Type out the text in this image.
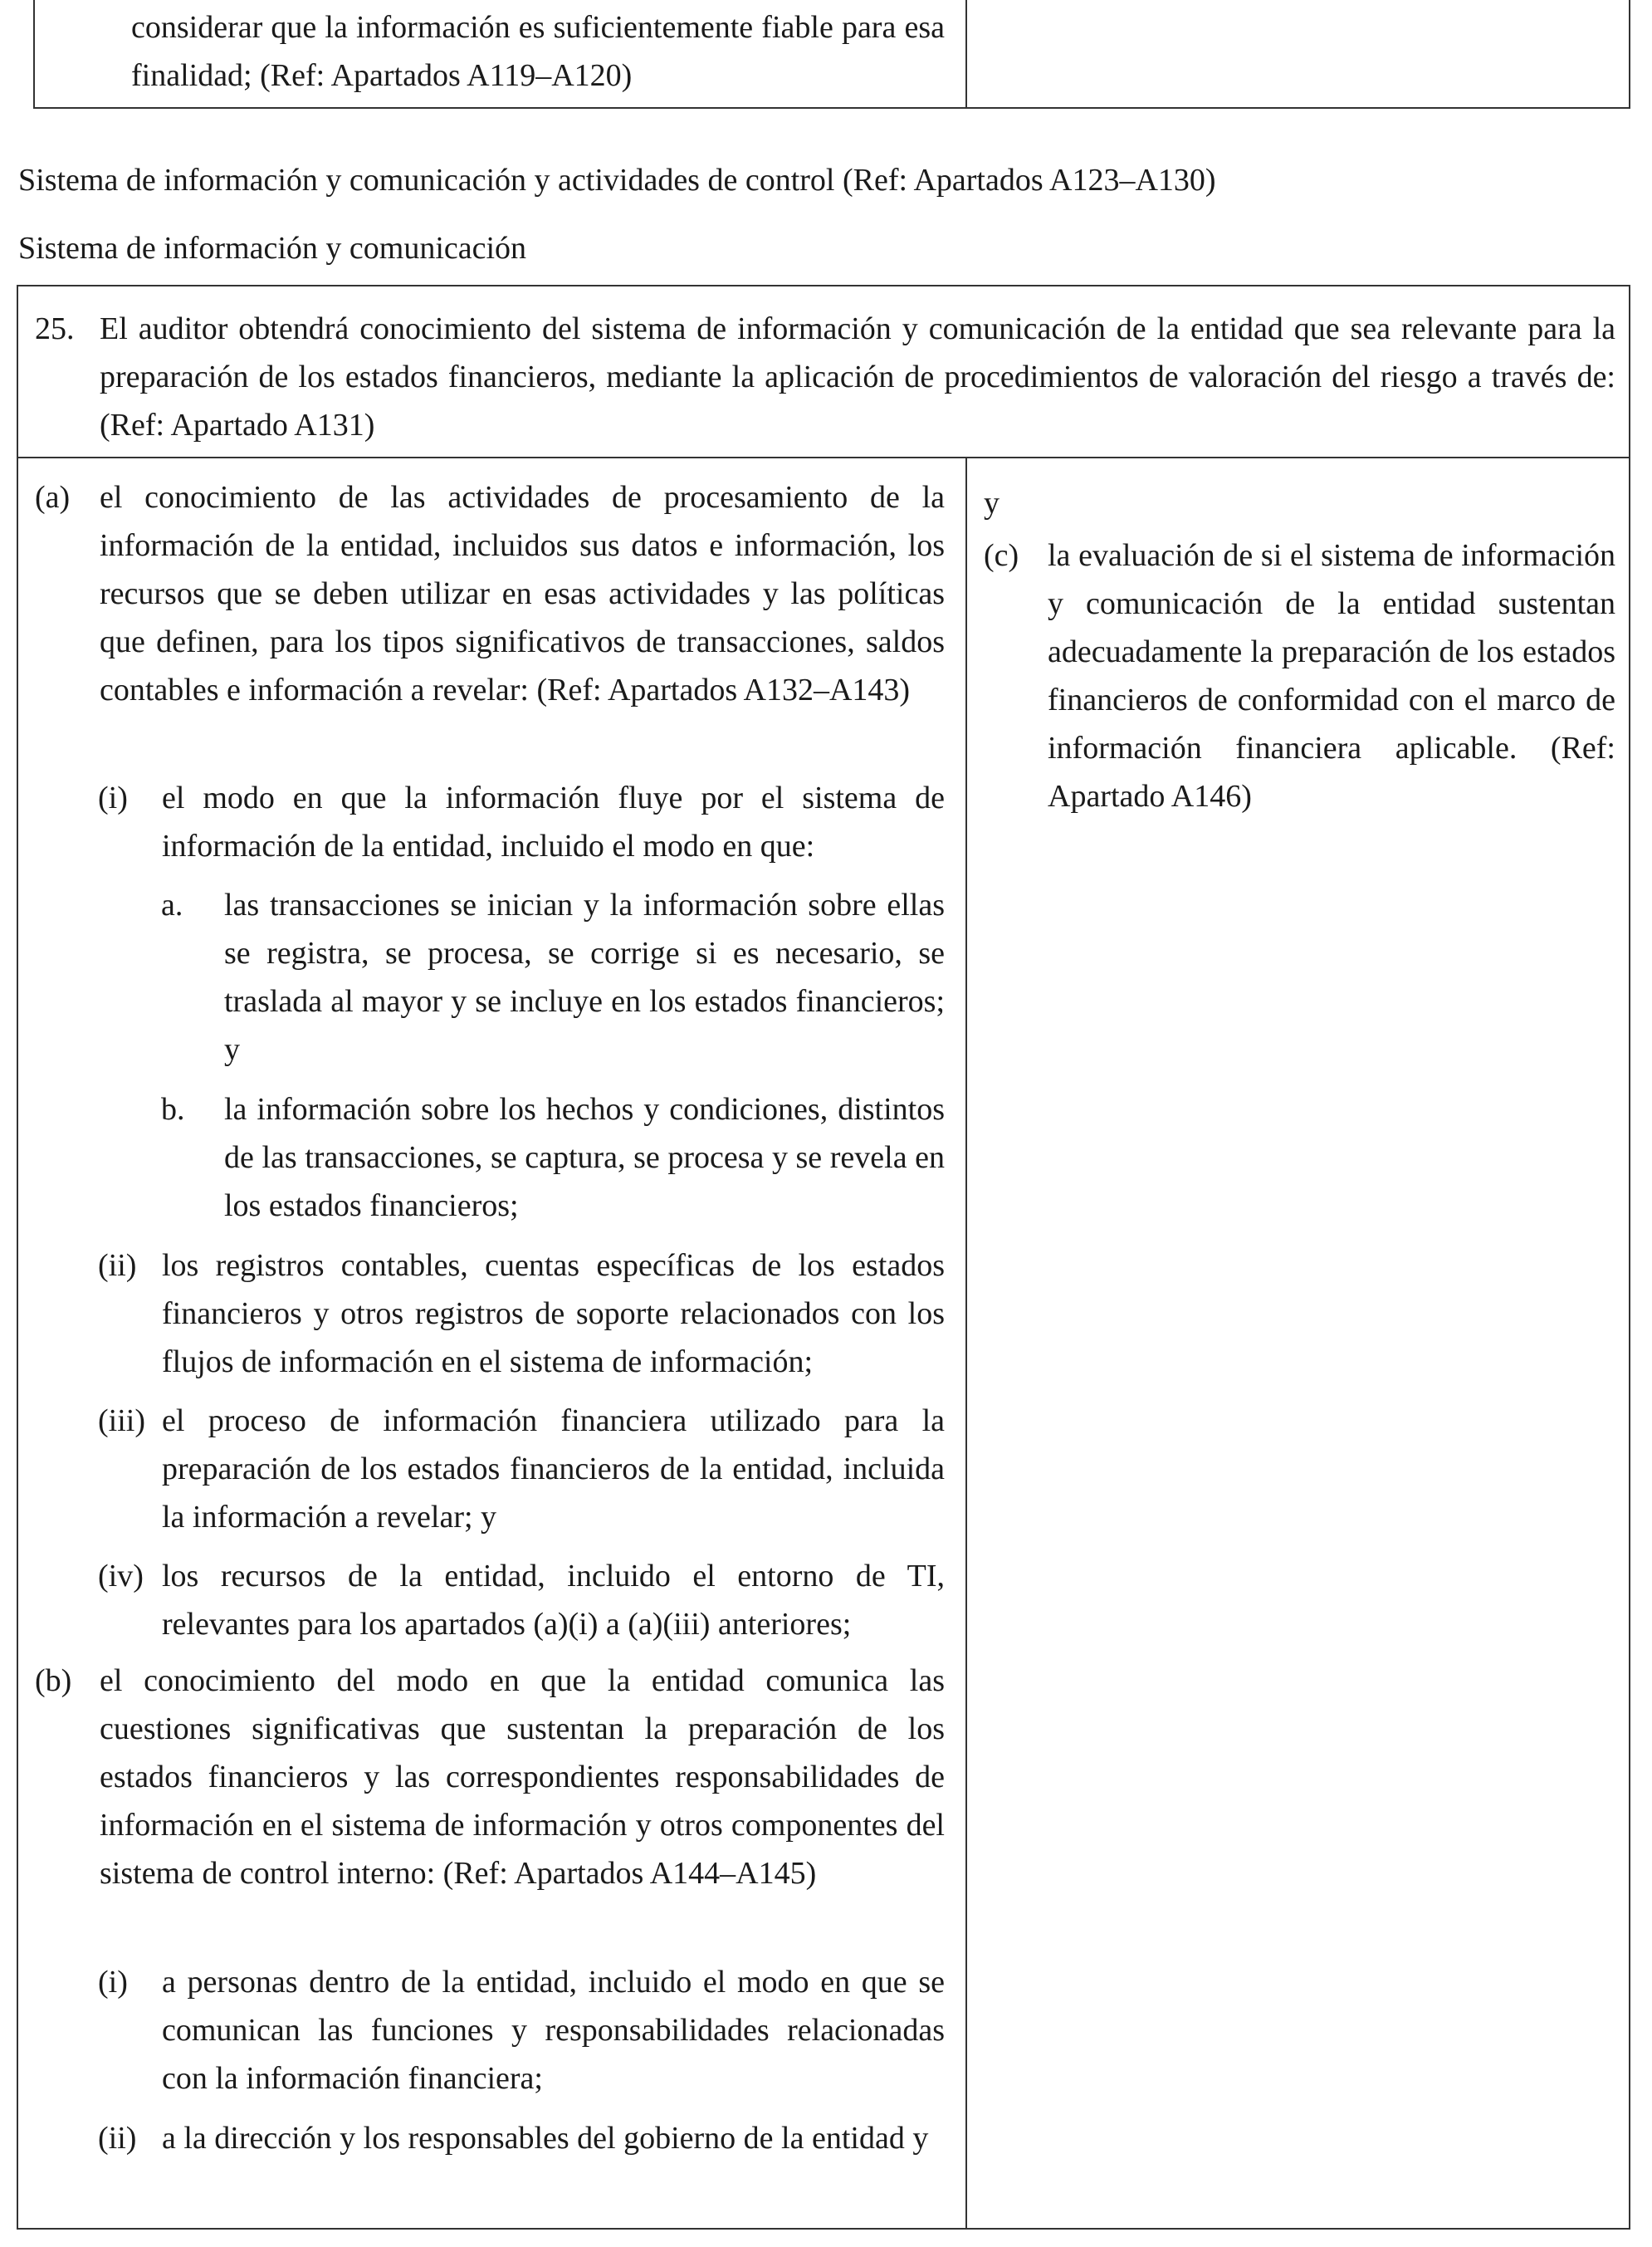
considerar que la información es suficientemente fiable para esa finalidad; (Ref: Apartados A119–A120)
Sistema de información y comunicación y actividades de control (Ref: Apartados A123–A130)
Sistema de información y comunicación
25. El auditor obtendrá conocimiento del sistema de información y comunicación de la entidad que sea relevante para la preparación de los estados financieros, mediante la aplicación de procedimientos de valoración del riesgo a través de: (Ref: Apartado A131)
(a) el conocimiento de las actividades de procesamiento de la información de la entidad, incluidos sus datos e información, los recursos que se deben utilizar en esas actividades y las políticas que definen, para los tipos significativos de transacciones, saldos contables e información a revelar: (Ref: Apartados A132–A143)
(i) el modo en que la información fluye por el sistema de información de la entidad, incluido el modo en que:
a. las transacciones se inician y la información sobre ellas se registra, se procesa, se corrige si es necesario, se traslada al mayor y se incluye en los estados financieros; y
b. la información sobre los hechos y condiciones, distintos de las transacciones, se captura, se procesa y se revela en los estados financieros;
(ii) los registros contables, cuentas específicas de los estados financieros y otros registros de soporte relacionados con los flujos de información en el sistema de información;
(iii) el proceso de información financiera utilizado para la preparación de los estados financieros de la entidad, incluida la información a revelar; y
(iv) los recursos de la entidad, incluido el entorno de TI, relevantes para los apartados (a)(i) a (a)(iii) anteriores;
(b) el conocimiento del modo en que la entidad comunica las cuestiones significativas que sustentan la preparación de los estados financieros y las correspondientes responsabilidades de información en el sistema de información y otros componentes del sistema de control interno: (Ref: Apartados A144–A145)
(i) a personas dentro de la entidad, incluido el modo en que se comunican las funciones y responsabilidades relacionadas con la información financiera;
(ii) a la dirección y los responsables del gobierno de la entidad y
y
(c) la evaluación de si el sistema de información y comunicación de la entidad sustentan adecuadamente la preparación de los estados financieros de conformidad con el marco de información financiera aplicable. (Ref: Apartado A146)
